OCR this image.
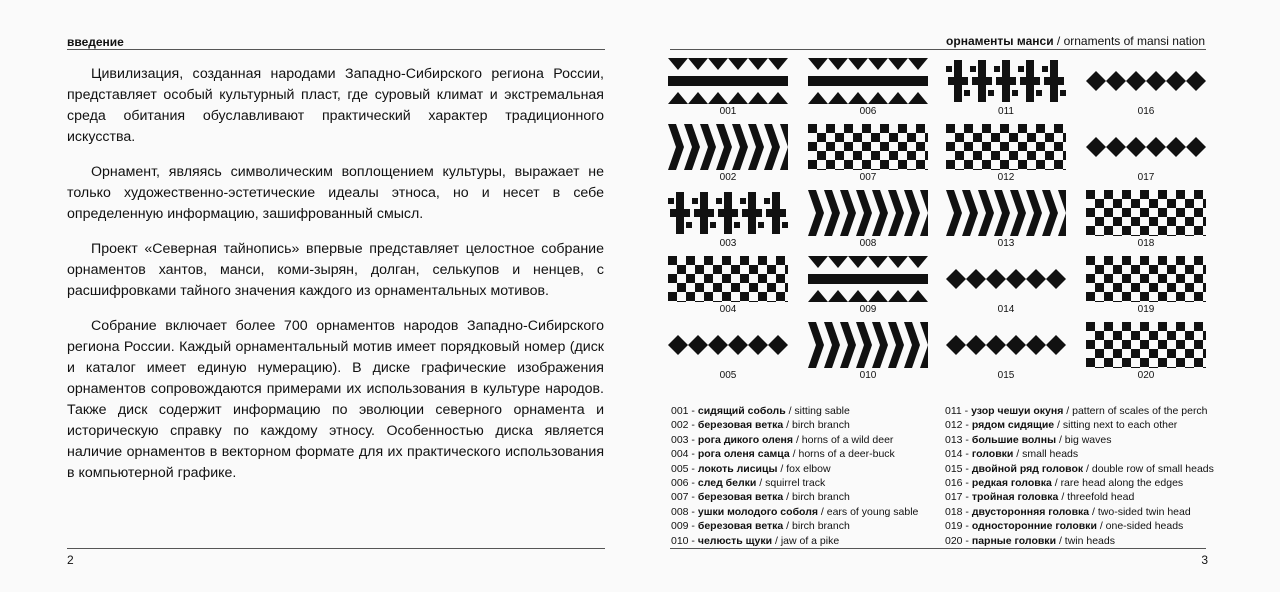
введение

Цивилизация, созданная народами Западно-Сибирского региона России, представляет особый культурный пласт, где суровый климат и экстремальная среда обитания обуславливают практический характер традиционного искусства.

Орнамент, являясь символическим воплощением культуры, выражает не только художественно-эстетические идеалы этноса, но и несет в себе определенную информацию, зашифрованный смысл.

Проект «Северная тайнопись» впервые представляет целостное собрание орнаментов хантов, манси, коми-зырян, долган, селькупов и ненцев, с расшифровками тайного значения каждого из орнаментальных мотивов.

Собрание включает более 700 орнаментов народов Западно-Сибирского региона России. Каждый орнаментальный мотив имеет порядковый номер (диск и каталог имеет единую нумерацию). В диске графические изображения орнаментов сопровождаются примерами их использования в культуре народов. Также диск содержит информацию по эволюции северного орнамента и историческую справку по каждому этносу. Особенностью диска является наличие орнаментов в векторном формате для их практического использования в компьютерной графике.

2
орнаменты манси / ornaments of mansi nation
001
002
003
004
005
006
007
008
009
010
011
012
013
014
015
016
017
018
019
020
001 - сидящий соболь / sitting sable
002 - березовая ветка / birch branch
003 - рога дикого оленя / horns of a wild deer
004 - рога оленя самца / horns of a deer-buck
005 - локоть лисицы / fox elbow
006 - след белки / squirrel track
007 - березовая ветка / birch branch
008 - ушки молодого соболя / ears of young sable
009 - березовая ветка / birch branch
010 - челюсть щуки / jaw of a pike
011 - узор чешуи окуня / pattern of scales of the perch
012 - рядом сидящие / sitting next to each other
013 - большие волны / big waves
014 - головки / small heads
015 - двойной ряд головок / double row of small heads
016 - редкая головка / rare head along the edges
017 - тройная головка / threefold head
018 - двусторонняя головка / two-sided twin head
019 - односторонние головки / one-sided heads
020 - парные головки / twin heads
3
